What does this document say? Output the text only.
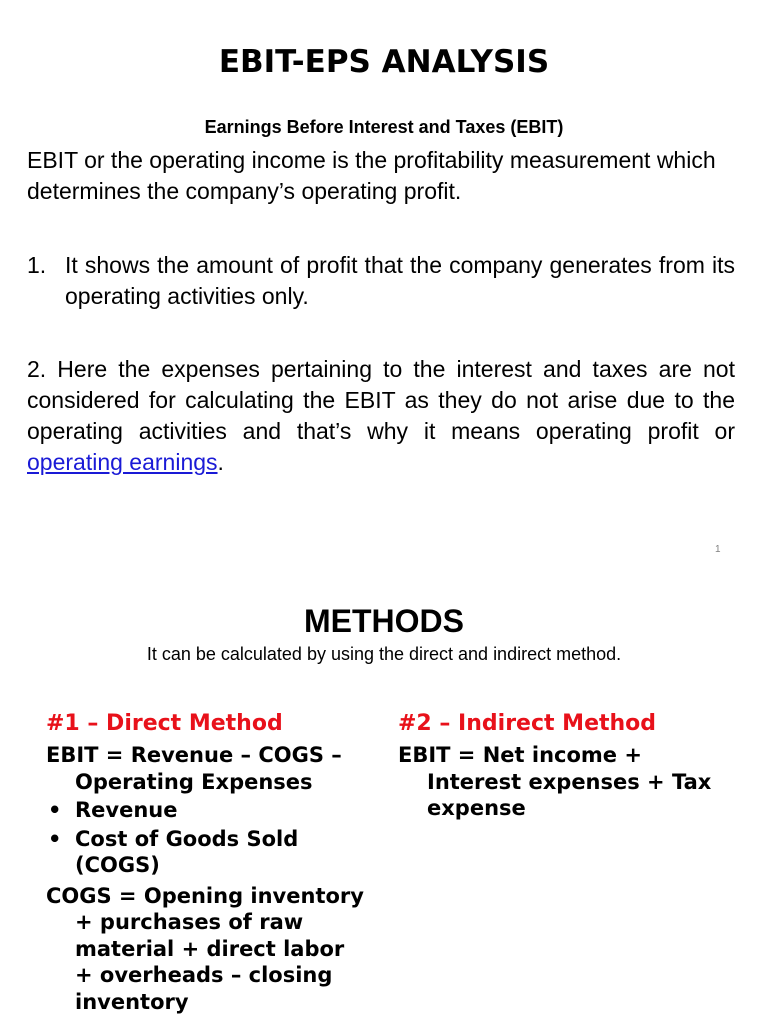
EBIT-EPS ANALYSIS

Earnings Before Interest and Taxes (EBIT)

EBIT or the operating income is the profitability measurement which determines the company’s operating profit.

1. It shows the amount of profit that the company generates from its operating activities only.

2. Here the expenses pertaining to the interest and taxes are not considered for calculating the EBIT as they do not arise due to the operating activities and that’s why it means operating profit or operating earnings.

1

METHODS

It can be calculated by using the direct and indirect method.

#1 – Direct Method

EBIT = Revenue – COGS – Operating Expenses

• Revenue

• Cost of Goods Sold (COGS)

COGS = Opening inventory + purchases of raw material + direct labor + overheads – closing inventory

#2 – Indirect Method

EBIT = Net income + Interest expenses + Tax expense
